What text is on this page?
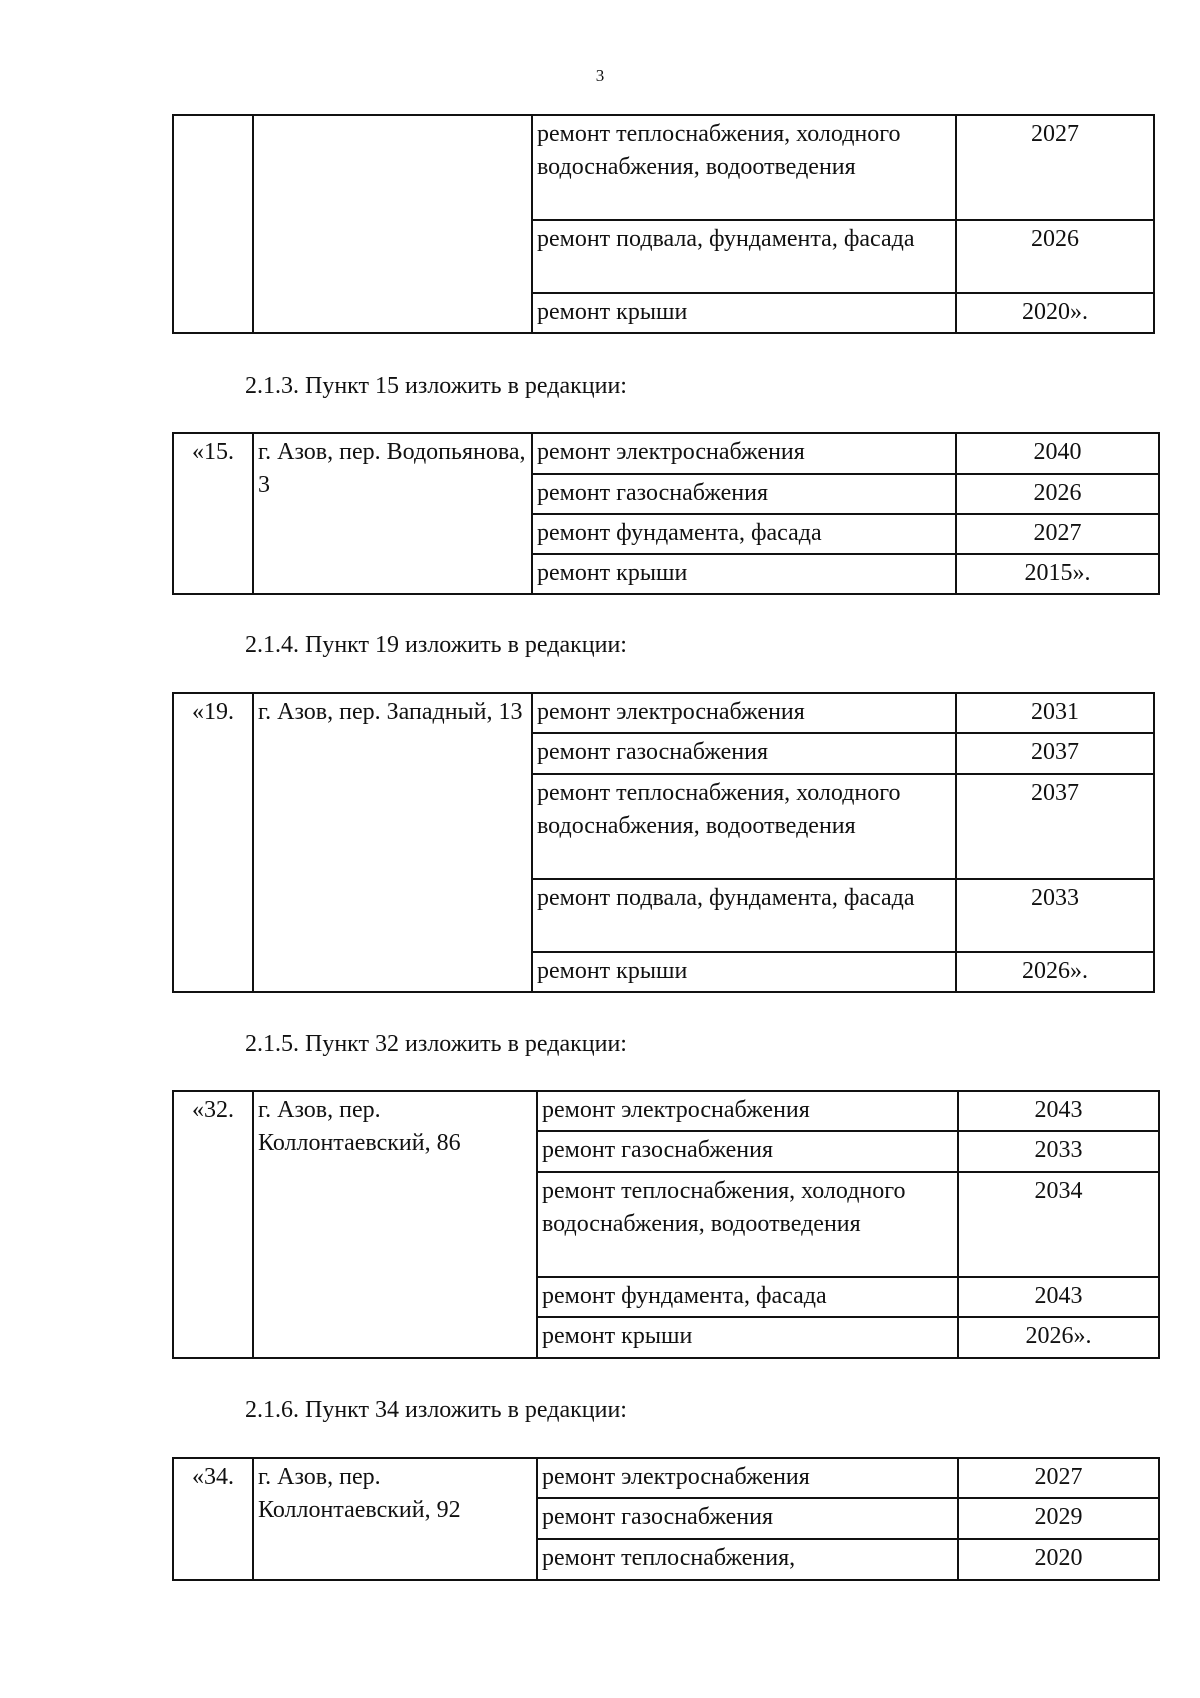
3
		ремонт теплоснабжения, холодного водоснабжения, водоотведения	2027
		ремонт подвала, фундамента, фасада	2026
		ремонт крыши	2020».
2.1.3. Пункт 15 изложить в редакции:
«15.	г. Азов, пер. Водопьянова, 3	ремонт электроснабжения	2040
		ремонт газоснабжения	2026
		ремонт фундамента, фасада	2027
		ремонт крыши	2015».
2.1.4. Пункт 19 изложить в редакции:
«19.	г. Азов, пер. Западный, 13	ремонт электроснабжения	2031
		ремонт газоснабжения	2037
		ремонт теплоснабжения, холодного водоснабжения, водоотведения	2037
		ремонт подвала, фундамента, фасада	2033
		ремонт крыши	2026».
2.1.5. Пункт 32 изложить в редакции:
«32.	г. Азов, пер. Коллонтаевский, 86	ремонт электроснабжения	2043
		ремонт газоснабжения	2033
		ремонт теплоснабжения, холодного водоснабжения, водоотведения	2034
		ремонт фундамента, фасада	2043
		ремонт крыши	2026».
2.1.6. Пункт 34 изложить в редакции:
«34.	г. Азов, пер. Коллонтаевский, 92	ремонт электроснабжения	2027
		ремонт газоснабжения	2029
		ремонт теплоснабжения,	2020
